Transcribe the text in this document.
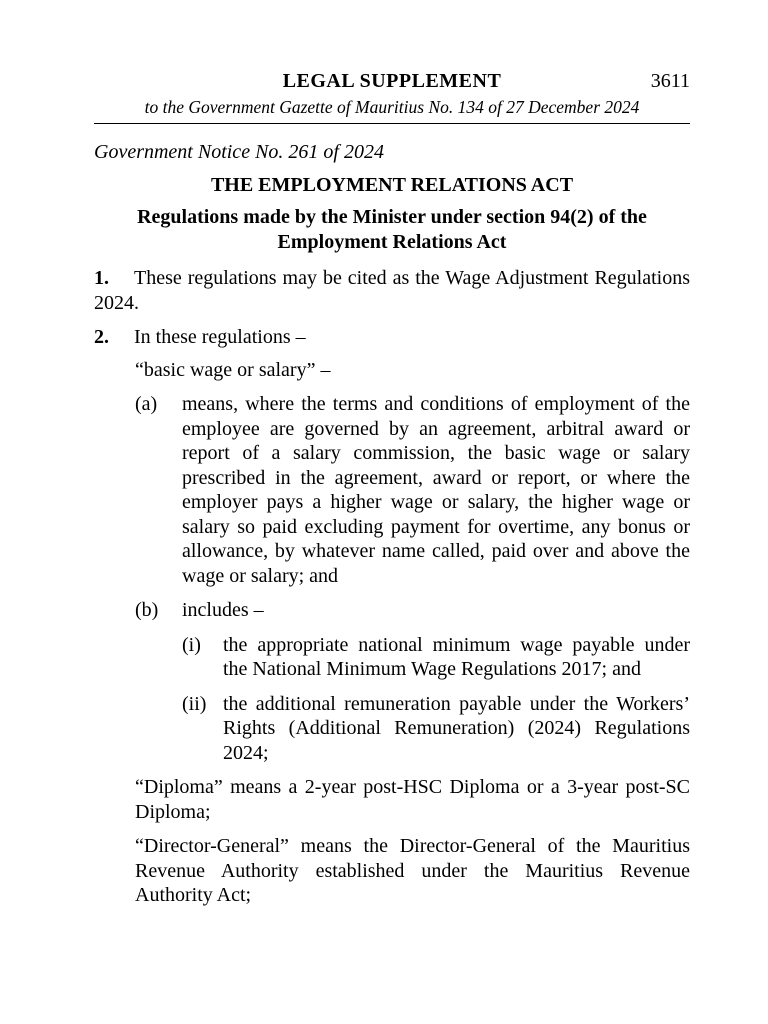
LEGAL SUPPLEMENT	3611
to the Government Gazette of Mauritius No. 134 of 27 December 2024

Government Notice No. 261 of 2024

THE EMPLOYMENT RELATIONS ACT

Regulations made by the Minister under section 94(2) of the Employment Relations Act

1. These regulations may be cited as the Wage Adjustment Regulations 2024.

2. In these regulations –

“basic wage or salary” –

(a) means, where the terms and conditions of employment of the employee are governed by an agreement, arbitral award or report of a salary commission, the basic wage or salary prescribed in the agreement, award or report, or where the employer pays a higher wage or salary, the higher wage or salary so paid excluding payment for overtime, any bonus or allowance, by whatever name called, paid over and above the wage or salary; and
(b) includes –
(i) the appropriate national minimum wage payable under the National Minimum Wage Regulations 2017; and
(ii) the additional remuneration payable under the Workers’ Rights (Additional Remuneration) (2024) Regulations 2024;

“Diploma” means a 2-year post-HSC Diploma or a 3-year post-SC Diploma;

“Director-General” means the Director-General of the Mauritius Revenue Authority established under the Mauritius Revenue Authority Act;
